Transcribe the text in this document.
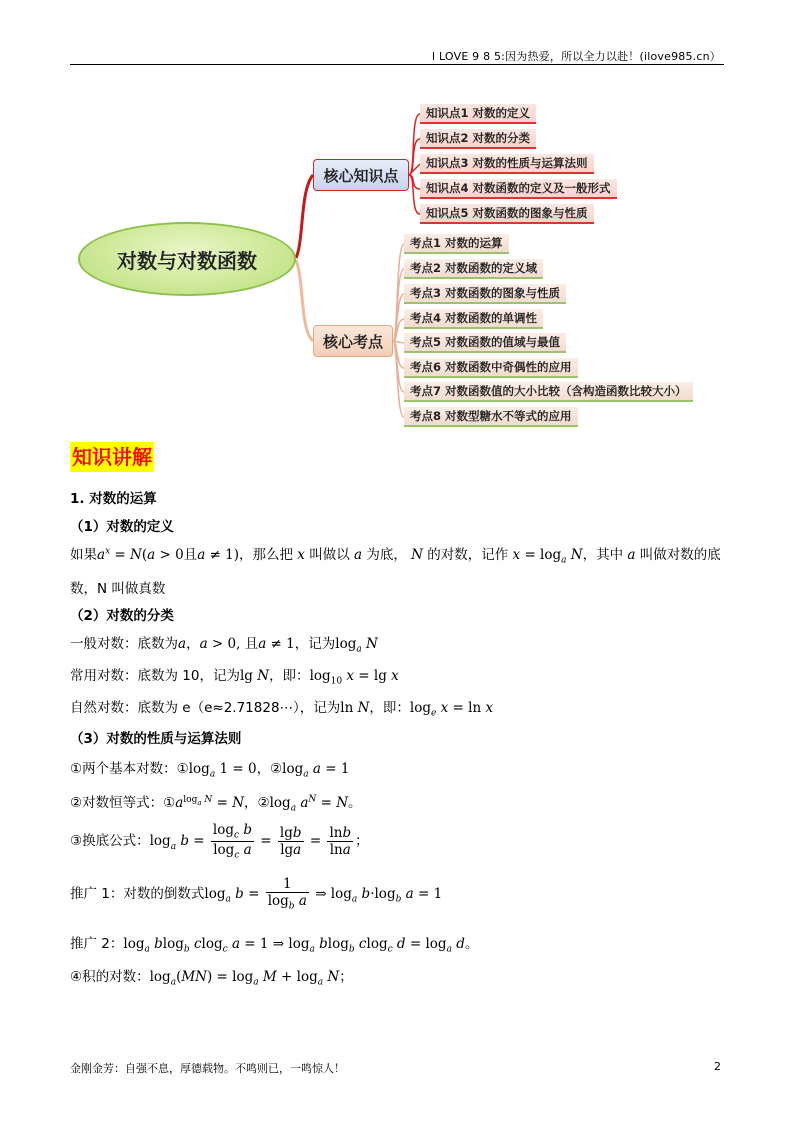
I LOVE 9 8 5:因为热爱，所以全力以赴！(ilove985.cn）
对数与对数函数
核心知识点
核心考点
知识点1 对数的定义
知识点2 对数的分类
知识点3 对数的性质与运算法则
知识点4 对数函数的定义及一般形式
知识点5 对数函数的图象与性质
考点1 对数的运算
考点2 对数函数的定义域
考点3 对数函数的图象与性质
考点4 对数函数的单调性
考点5 对数函数的值域与最值
考点6 对数函数中奇偶性的应用
考点7 对数函数值的大小比较（含构造函数比较大小）
考点8 对数型糖水不等式的应用
知识讲解
1. 对数的运算
（1）对数的定义
如果$a^x = N(a > 0$且a ≠ 1)，那么把 x 叫做以 a 为底， N 的对数，记作 $x = \log_a N$，其中 a 叫做对数的底
数，N 叫做真数
（2）对数的分类
一般对数：底数为a，a > 0, 且a ≠ 1，记为$\log_a N$
常用对数：底数为 10，记为lg N，即：$\log_{10} x = \lg x$
自然对数：底数为 e（e≈2.71828⋯），记为ln N，即：$\log_e x = \ln x$
（3）对数的性质与运算法则
①两个基本对数：$①\log_a$ 1 = 0，$②\log_a$ a = 1
②对数恒等式：$①a^{log_a N} = N$，$②\log_a$ $a^N = N$。
③换底公式：$\log_a b = \frac{\log_c b}{\log_c a} = \frac{\lg b}{\lg a} = \frac{\ln b}{\ln a}$ ；
推广 1：对数的倒数式$\log_a b = \frac{1}{\log_b a}$ ⇒ $\log_a b\cdot\log_b$ a = 1
推广 2：$\log_a blog_b$ clog$_c$ a = 1 ⇒ $\log_a blog_b$ clog$_c$ $d = \log_a d$。
④积的对数：$\log_a(MN) = \log_a M + \log_a N$；
金刚金芳：自强不息，厚德载物。不鸣则已，一鸣惊人！	2
